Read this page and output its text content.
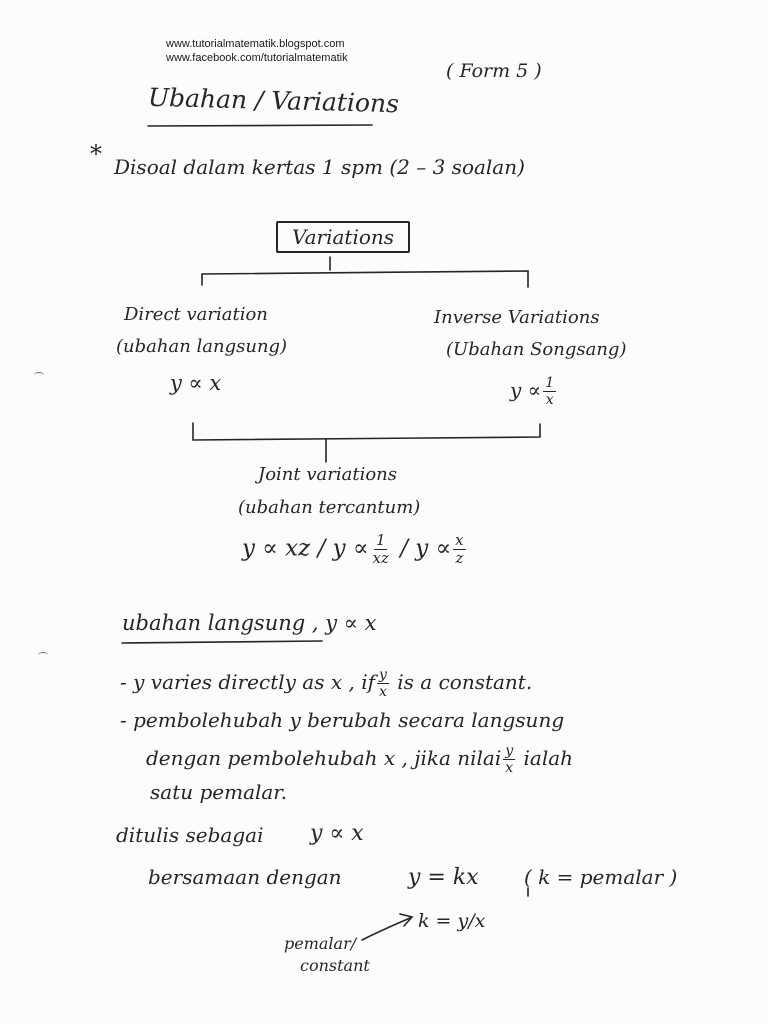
www.tutorialmatematik.blogspot.com
www.facebook.com/tutorialmatematik
( Form 5 )
Ubahan / Variations
* Disoal dalam kertas 1 spm (2 – 3 soalan)
Variations
Direct variation
(ubahan langsung)
y ∝ x
Inverse Variations
(Ubahan Songsang)
$y \propto \frac{1}{x}$
Joint variations
(ubahan tercantum)
y ∝ xz / $y \propto \frac{1}{xz} / y \propto \frac{x}{z}$
ubahan langsung , y ∝ x
- y varies directly as x , if $\frac{y}{x}$ is a constant.
- pembolehubah y berubah secara langsung
dengan pembolehubah x , jika nilai $\frac{y}{x}$ ialah
satu pemalar.
ditulis sebagai y ∝ x
bersamaan dengan	y = kx ( k = pemalar )
k = y/x
pemalar/
constant
